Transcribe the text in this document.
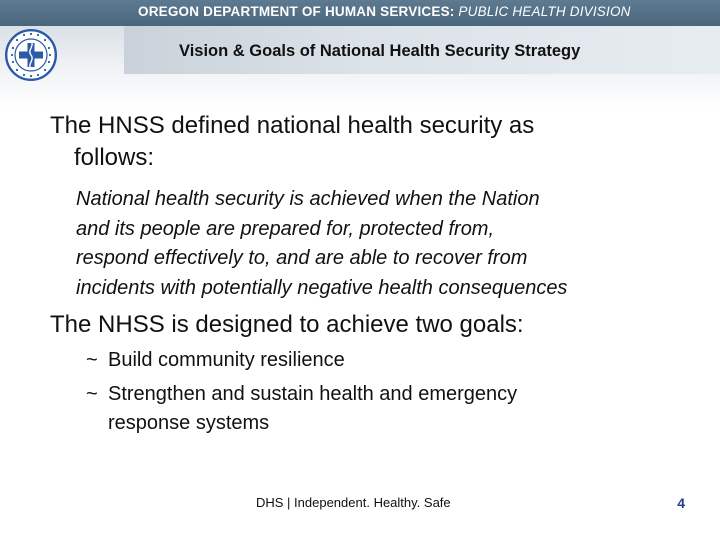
OREGON DEPARTMENT OF HUMAN SERVICES: PUBLIC HEALTH DIVISION
Vision & Goals of National Health Security Strategy
The HNSS defined national health security as
follows:
National health security is achieved when the Nation
and its people are prepared for, protected from,
respond effectively to, and are able to recover from
incidents with potentially negative health consequences
The NHSS is designed to achieve two goals:
~ Build community resilience
~ Strengthen and sustain health and emergency
response systems
DHS | Independent. Healthy. Safe	4
